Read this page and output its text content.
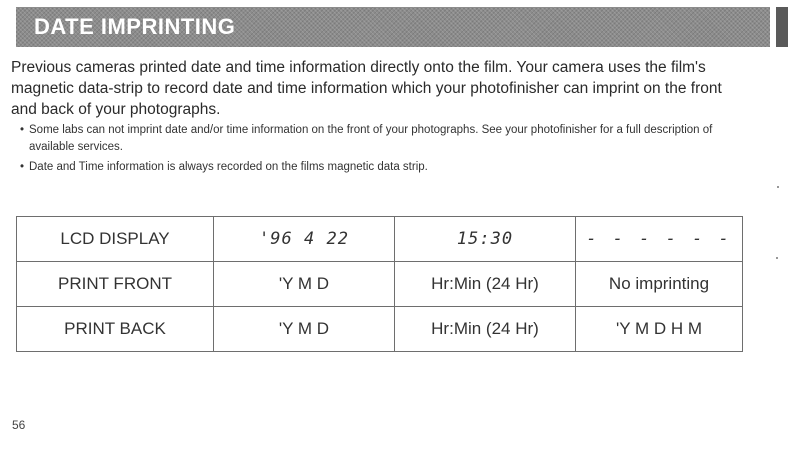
DATE IMPRINTING

Previous cameras printed date and time information directly onto the film. Your camera uses the film's magnetic data-strip to record date and time information which your photofinisher can imprint on the front and back of your photographs.

• Some labs can not imprint date and/or time information on the front of your photographs. See your photofinisher for a full description of available services.
• Date and Time information is always recorded on the films magnetic data strip.
LCD DISPLAY	'96 4 22	15:30	- - - - - -
PRINT FRONT	'Y M D	Hr:Min (24 Hr)	No imprinting
PRINT BACK	'Y M D	Hr:Min (24 Hr)	'Y M D H M
56
